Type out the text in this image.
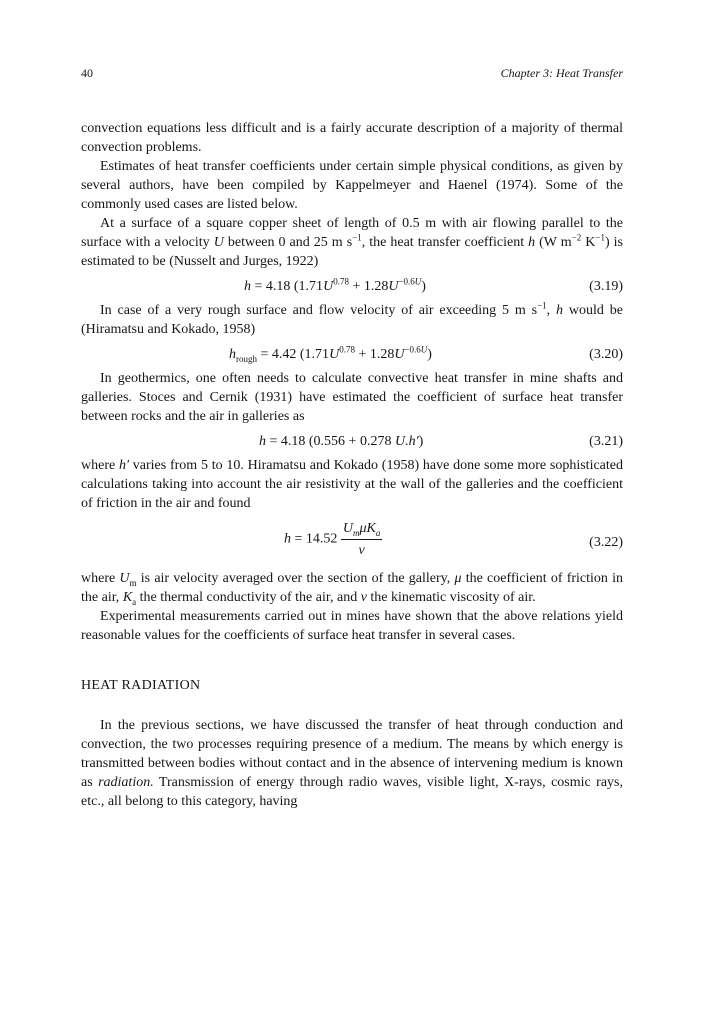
40	Chapter 3: Heat Transfer

convection equations less difficult and is a fairly accurate description of a majority of thermal convection problems.

Estimates of heat transfer coefficients under certain simple physical conditions, as given by several authors, have been compiled by Kappelmeyer and Haenel (1974). Some of the commonly used cases are listed below.

At a surface of a square copper sheet of length of 0.5 m with air flowing parallel to the surface with a velocity U between 0 and 25 m $s^{-1}$, the heat transfer coefficient h (W $m^{-2}$ $K^{-1}$) is estimated to be (Nusselt and Jurges, 1922)

h = 4.18 $(1.71U^{0.78} + 1.28U^{-0.6U})$	(3.19)

In case of a very rough surface and flow velocity of air exceeding 5 m $s^{-1}$, h would be (Hiramatsu and Kokado, 1958)

$h_{rough} = 4.42$ $(1.71U^{0.78} + 1.28U^{-0.6U})$	(3.20)

In geothermics, one often needs to calculate convective heat transfer in mine shafts and galleries. Stoces and Cernik (1931) have estimated the coefficient of surface heat transfer between rocks and the air in galleries as

h = 4.18 (0.556 + 0.278 U.h′)	(3.21)

where h′ varies from 5 to 10. Hiramatsu and Kokado (1958) have done some more sophisticated calculations taking into account the air resistivity at the wall of the galleries and the coefficient of friction in the air and found

$h = 14.52 \frac{U_m\mu K_a}{\nu}$	(3.22)

where $U_m$ is air velocity averaged over the section of the gallery, μ the coefficient of friction in the air, $K_a$ the thermal conductivity of the air, and ν the kinematic viscosity of air.

Experimental measurements carried out in mines have shown that the above relations yield reasonable values for the coefficients of surface heat transfer in several cases.

HEAT RADIATION

In the previous sections, we have discussed the transfer of heat through conduction and convection, the two processes requiring presence of a medium. The means by which energy is transmitted between bodies without contact and in the absence of intervening medium is known as radiation. Transmission of energy through radio waves, visible light, X-rays, cosmic rays, etc., all belong to this category, having
